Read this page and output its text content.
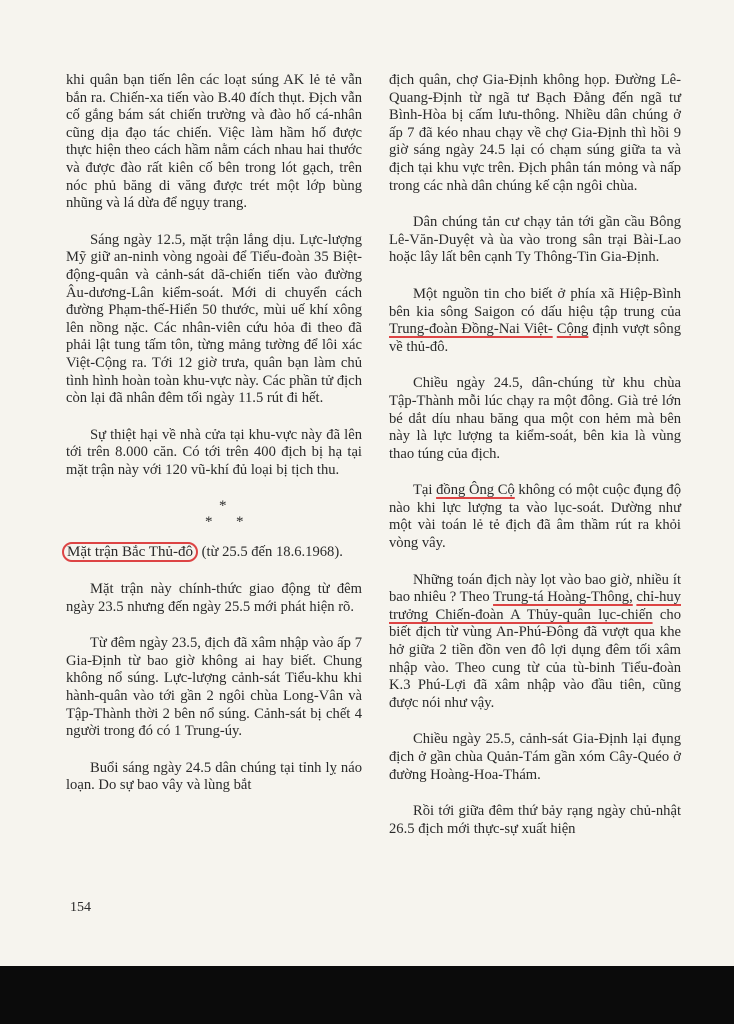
khi quân bạn tiến lên các loạt súng AK lẻ tẻ vẫn bắn ra. Chiến-xa tiến vào B.40 đích thụt. Địch vẫn cố gắng bám sát chiến trường và đào hố cá-nhân cũng dịa đạo tác chiến. Việc làm hầm hố được thực hiện theo cách hầm nằm cách nhau hai thước và được đào rất kiên cố bên trong lót gạch, trên nóc phủ băng di văng được trét một lớp bùng nhũng và lá dừa để ngụy trang.

Sáng ngày 12.5, mặt trận lắng dịu. Lực-lượng Mỹ giữ an-ninh vòng ngoài để Tiểu-đoàn 35 Biệt-động-quân và cảnh-sát dã-chiến tiến vào đường Âu-dương-Lân kiểm-soát. Mới di chuyển cách đường Phạm-thế-Hiển 50 thước, mùi uế khí xông lên nồng nặc. Các nhân-viên cứu hỏa đi theo đã phải lật tung tấm tôn, từng mảng tường để lôi xác Việt-Cộng ra. Tới 12 giờ trưa, quân bạn làm chủ tình hình hoàn toàn khu-vực này. Các phần tử địch còn lại đã nhân đêm tối ngày 11.5 rút đi hết.

Sự thiệt hại về nhà cửa tại khu-vực này đã lên tới trên 8.000 căn. Có tới trên 400 địch bị hạ tại mặt trận này với 120 vũ-khí đủ loại bị tịch thu.

*
* *

Mặt trận Bắc Thủ-đô (từ 25.5 đến 18.6.1968).

Mặt trận này chính-thức giao động từ đêm ngày 23.5 nhưng đến ngày 25.5 mới phát hiện rõ.

Từ đêm ngày 23.5, địch đã xâm nhập vào ấp 7 Gia-Định từ bao giờ không ai hay biết. Chung không nổ súng. Lực-lượng cảnh-sát Tiểu-khu khi hành-quân vào tới gần 2 ngôi chùa Long-Vân và Tập-Thành thời 2 bên nổ súng. Cảnh-sát bị chết 4 người trong đó có 1 Trung-úy.

Buổi sáng ngày 24.5 dân chúng tại tỉnh lỵ náo loạn. Do sự bao vây và lùng bắt

địch quân, chợ Gia-Định không họp. Đường Lê-Quang-Định từ ngã tư Bạch Đằng đến ngã tư Bình-Hòa bị cấm lưu-thông. Nhiều dân chúng ở ấp 7 đã kéo nhau chạy về chợ Gia-Định thì hồi 9 giờ sáng ngày 24.5 lại có chạm súng giữa ta và địch tại khu vực trên. Địch phân tán mỏng và nấp trong các nhà dân chúng kế cận ngôi chùa.

Dân chúng tản cư chạy tản tới gần cầu Bông Lê-Văn-Duyệt và ùa vào trong sân trại Bài-Lao hoặc lây lất bên cạnh Ty Thông-Tin Gia-Định.

Một nguồn tin cho biết ở phía xã Hiệp-Bình bên kia sông Saigon có dấu hiệu tập trung của Trung-đoàn Đồng-Nai Việt- Cộng định vượt sông về thủ-đô.

Chiều ngày 24.5, dân-chúng từ khu chùa Tập-Thành mỗi lúc chạy ra một đông. Già trẻ lớn bé dắt díu nhau băng qua một con hẻm mà bên này là lực lượng ta kiểm-soát, bên kia là vùng thao túng của địch.

Tại đồng Ông Cộ không có một cuộc đụng độ nào khi lực lượng ta vào lục-soát. Dường như một vài toán lẻ tẻ địch đã âm thầm rút ra khỏi vòng vây.

Những toán địch này lọt vào bao giờ, nhiều ít bao nhiêu ? Theo Trung-tá Hoàng-Thông, chỉ-huy trưởng Chiến-đoàn A Thủy-quân lục-chiến cho biết địch từ vùng An-Phú-Đông đã vượt qua khe hở giữa 2 tiền đồn ven đô lợi dụng đêm tối xâm nhập vào. Theo cung từ của tù-binh Tiểu-đoàn K.3 Phú-Lợi đã xâm nhập vào đầu tiên, cũng được nói như vậy.

Chiều ngày 25.5, cảnh-sát Gia-Định lại đụng địch ở gần chùa Quản-Tám gần xóm Cây-Quéo ở đường Hoàng-Hoa-Thám.

Rồi tới giữa đêm thứ bảy rạng ngày chủ-nhật 26.5 địch mới thực-sự xuất hiện

154
